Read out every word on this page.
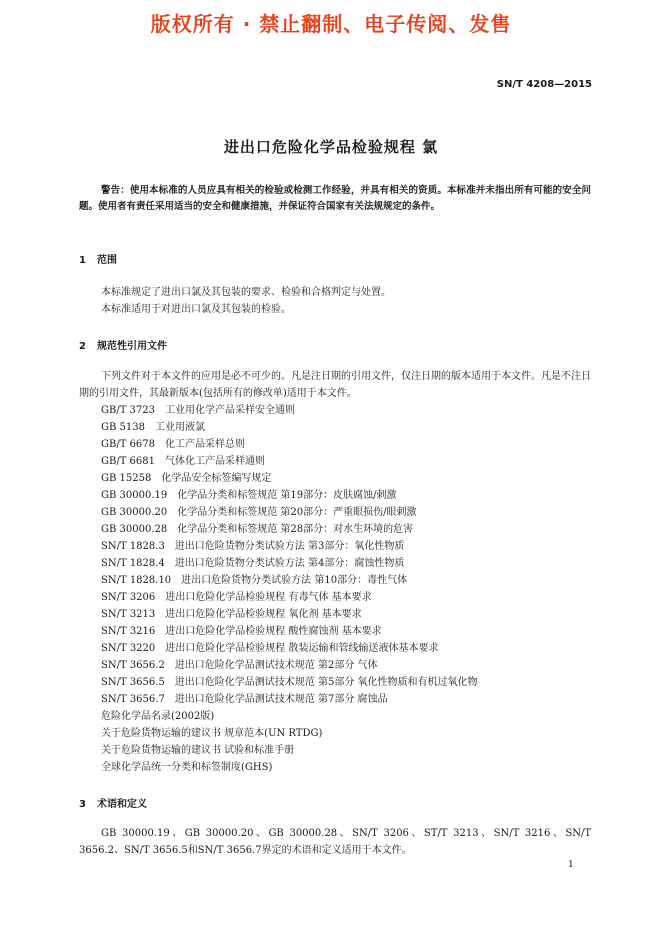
版权所有 · 禁止翻制、电子传阅、发售
SN/T 4208—2015
进出口危险化学品检验规程 氯
警告：使用本标准的人员应具有相关的检验或检测工作经验，并具有相关的资质。本标准并未指出所有可能的安全问题。使用者有责任采用适当的安全和健康措施，并保证符合国家有关法规规定的条件。
1 范围

本标准规定了进出口氯及其包装的要求、检验和合格判定与处置。

本标准适用于对进出口氯及其包装的检验。

2 规范性引用文件

下列文件对于本文件的应用是必不可少的。凡是注日期的引用文件，仅注日期的版本适用于本文件。凡是不注日期的引用文件，其最新版本(包括所有的修改单)适用于本文件。

GB/T 3723 工业用化学产品采样安全通则
GB 5138 工业用液氯
GB/T 6678 化工产品采样总则
GB/T 6681 气体化工产品采样通则
GB 15258 化学品安全标签编写规定
GB 30000.19 化学品分类和标签规范 第19部分：皮肤腐蚀/刺激
GB 30000.20 化学品分类和标签规范 第20部分：严重眼损伤/眼刺激
GB 30000.28 化学品分类和标签规范 第28部分：对水生环境的危害
SN/T 1828.3 进出口危险货物分类试验方法 第3部分：氧化性物质
SN/T 1828.4 进出口危险货物分类试验方法 第4部分：腐蚀性物质
SN/T 1828.10 进出口危险货物分类试验方法 第10部分：毒性气体
SN/T 3206 进出口危险化学品检验规程 有毒气体 基本要求
SN/T 3213 进出口危险化学品检验规程 氧化剂 基本要求
SN/T 3216 进出口危险化学品检验规程 酸性腐蚀剂 基本要求
SN/T 3220 进出口危险化学品检验规程 散装运输和管线输送液体基本要求
SN/T 3656.2 进出口危险化学品测试技术规范 第2部分 气体
SN/T 3656.5 进出口危险化学品测试技术规范 第5部分 氧化性物质和有机过氧化物
SN/T 3656.7 进出口危险化学品测试技术规范 第7部分 腐蚀品
危险化学品名录(2002版)
关于危险货物运输的建议书 规章范本(UN RTDG)
关于危险货物运输的建议书 试验和标准手册
全球化学品统一分类和标签制度(GHS)
3 术语和定义

GB 30000.19、GB 30000.20、GB 30000.28、SN/T 3206、ST/T 3213、SN/T 3216、SN/T 3656.2、SN/T 3656.5和SN/T 3656.7界定的术语和定义适用于本文件。

1
